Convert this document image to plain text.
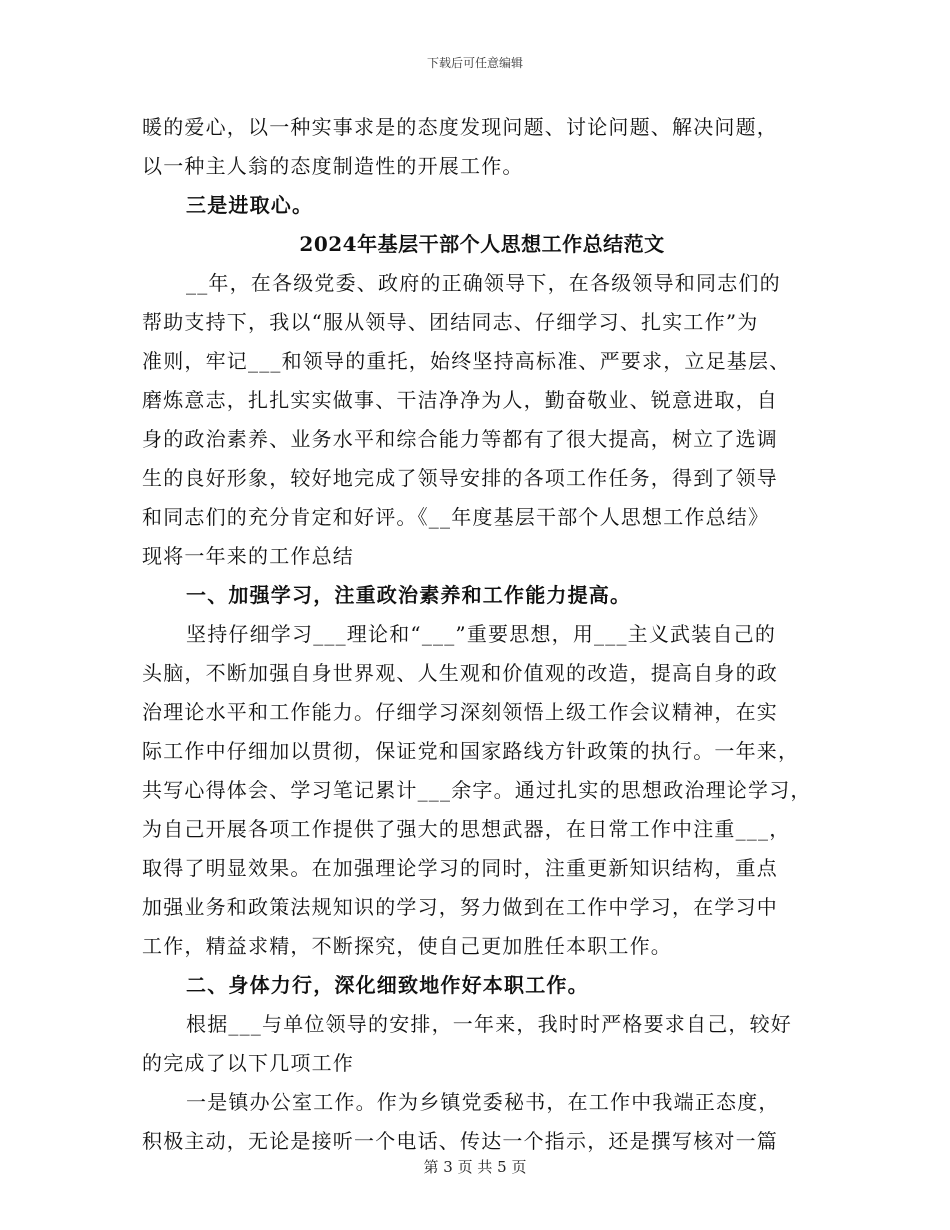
下载后可任意编辑
暖的爱心，以一种实事求是的态度发现问题、讨论问题、解决问题，
以一种主人翁的态度制造性的开展工作。
三是进取心。
2024年基层干部个人思想工作总结范文
__年，在各级党委、政府的正确领导下，在各级领导和同志们的
帮助支持下，我以“服从领导、团结同志、仔细学习、扎实工作”为
准则，牢记___和领导的重托，始终坚持高标准、严要求，立足基层、
磨炼意志，扎扎实实做事、干洁净净为人，勤奋敬业、锐意进取，自
身的政治素养、业务水平和综合能力等都有了很大提高，树立了选调
生的良好形象，较好地完成了领导安排的各项工作任务，得到了领导
和同志们的充分肯定和好评。《__年度基层干部个人思想工作总结》
现将一年来的工作总结
一、加强学习，注重政治素养和工作能力提高。
坚持仔细学习___理论和“___”重要思想，用___主义武装自己的
头脑，不断加强自身世界观、人生观和价值观的改造，提高自身的政
治理论水平和工作能力。仔细学习深刻领悟上级工作会议精神，在实
际工作中仔细加以贯彻，保证党和国家路线方针政策的执行。一年来，
共写心得体会、学习笔记累计___余字。通过扎实的思想政治理论学习，
为自己开展各项工作提供了强大的思想武器，在日常工作中注重___，
取得了明显效果。在加强理论学习的同时，注重更新知识结构，重点
加强业务和政策法规知识的学习，努力做到在工作中学习，在学习中
工作，精益求精，不断探究，使自己更加胜任本职工作。
二、身体力行，深化细致地作好本职工作。
根据___与单位领导的安排，一年来，我时时严格要求自己，较好
的完成了以下几项工作
一是镇办公室工作。作为乡镇党委秘书，在工作中我端正态度，
积极主动，无论是接听一个电话、传达一个指示，还是撰写核对一篇
第 3 页 共 5 页
